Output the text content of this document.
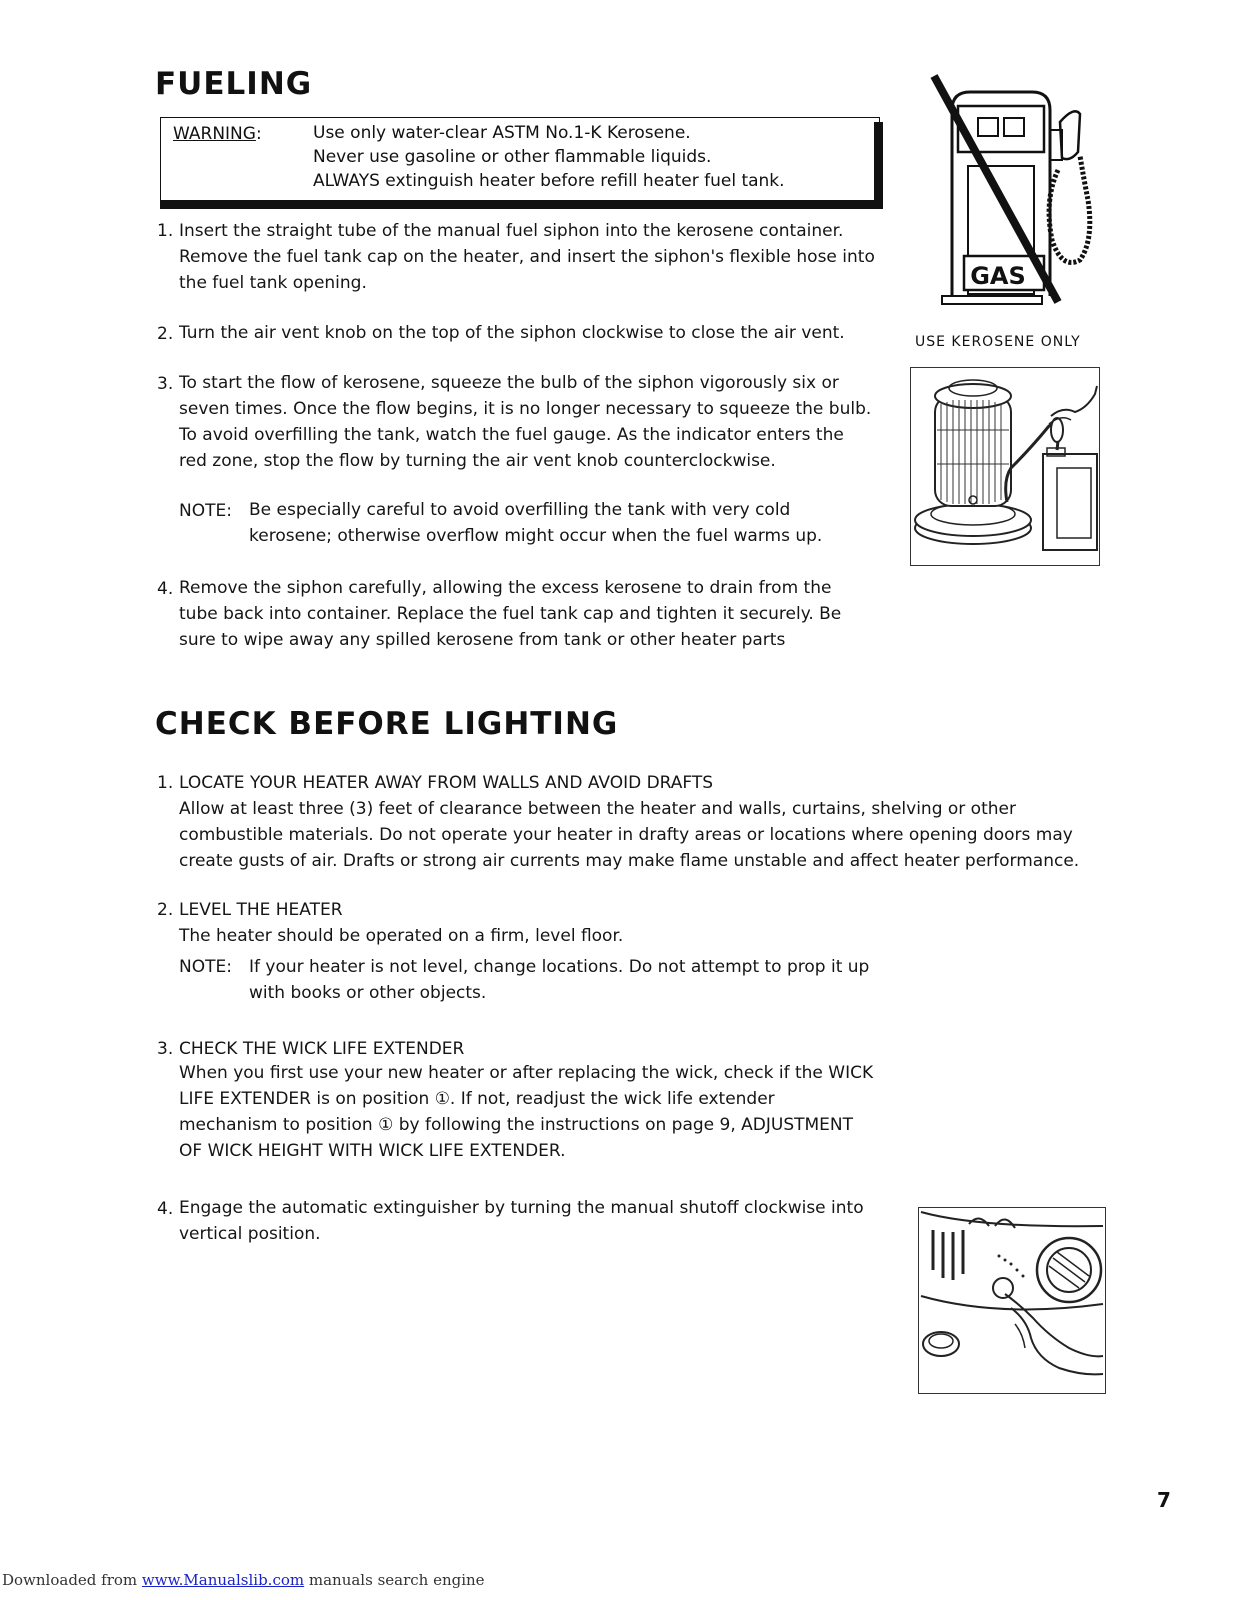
FUELING
WARNING:	Use only water-clear ASTM No.1-K Kerosene.
Never use gasoline or other flammable liquids.
ALWAYS extinguish heater before refill heater fuel tank.
1. Insert the straight tube of the manual fuel siphon into the kerosene container.
Remove the fuel tank cap on the heater, and insert the siphon's flexible hose into
the fuel tank opening.
2. Turn the air vent knob on the top of the siphon clockwise to close the air vent.
3. To start the flow of kerosene, squeeze the bulb of the siphon vigorously six or
seven times. Once the flow begins, it is no longer necessary to squeeze the bulb.
To avoid overfilling the tank, watch the fuel gauge. As the indicator enters the
red zone, stop the flow by turning the air vent knob counterclockwise.
NOTE: Be especially careful to avoid overfilling the tank with very cold
kerosene; otherwise overflow might occur when the fuel warms up.
4. Remove the siphon carefully, allowing the excess kerosene to drain from the
tube back into container. Replace the fuel tank cap and tighten it securely. Be
sure to wipe away any spilled kerosene from tank or other heater parts
GAS
USE KEROSENE ONLY
CHECK BEFORE LIGHTING
1. LOCATE YOUR HEATER AWAY FROM WALLS AND AVOID DRAFTS
Allow at least three (3) feet of clearance between the heater and walls, curtains, shelving or other
combustible materials. Do not operate your heater in drafty areas or locations where opening doors may
create gusts of air. Drafts or strong air currents may make flame unstable and affect heater performance.
2. LEVEL THE HEATER
The heater should be operated on a firm, level floor.
NOTE: If your heater is not level, change locations. Do not attempt to prop it up
with books or other objects.
3. CHECK THE WICK LIFE EXTENDER
When you first use your new heater or after replacing the wick, check if the WICK
LIFE EXTENDER is on position ①. If not, readjust the wick life extender
mechanism to position ① by following the instructions on page 9, ADJUSTMENT
OF WICK HEIGHT WITH WICK LIFE EXTENDER.
4. Engage the automatic extinguisher by turning the manual shutoff clockwise into
vertical position.
7
Downloaded from www.Manualslib.com manuals search engine
